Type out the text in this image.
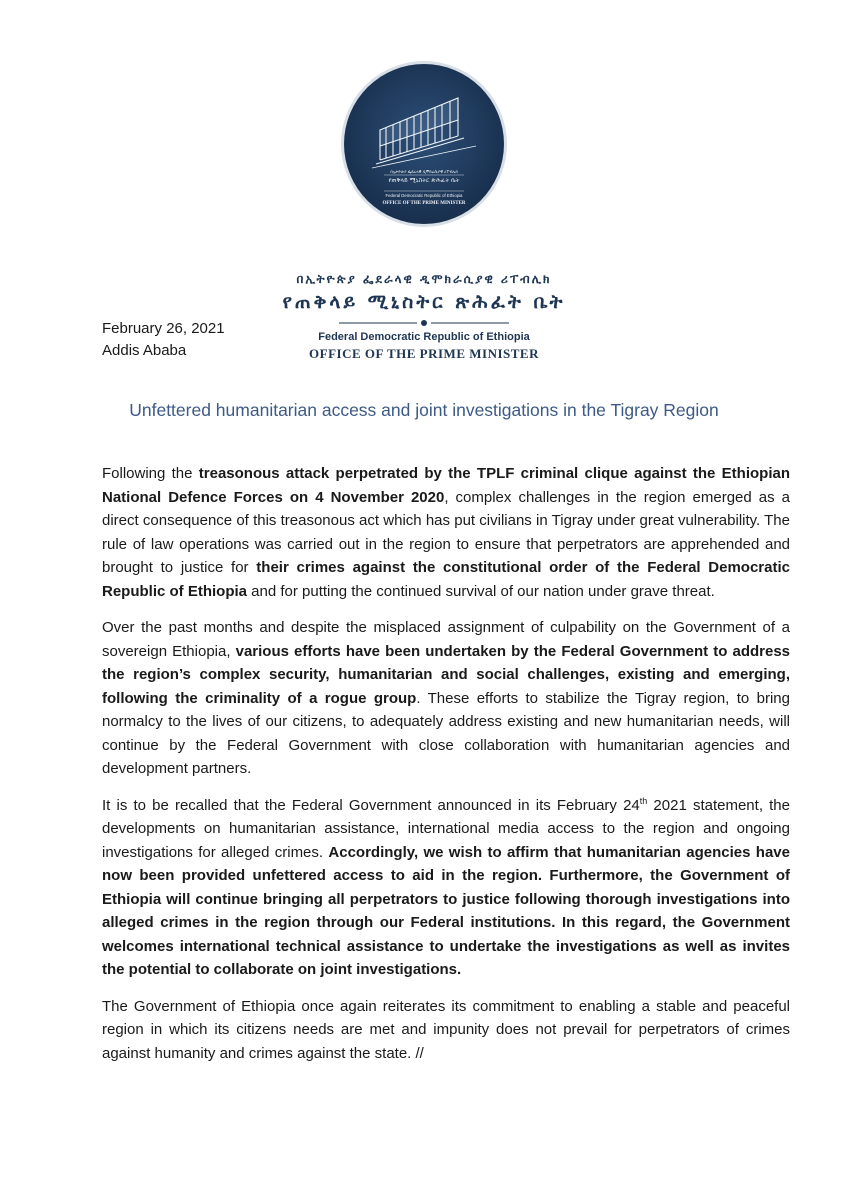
በኢትዮጵያ ፌደራላዊ ዲሞክራሲያዊ ሪፐብሊክ
የጠቅላይ ሚኒስትር ጽሕፈት ቤት
Federal Democratic Republic of Ethiopia
OFFICE OF THE PRIME MINISTER
በኢትዮጵያ ፌደራላዊ ዲሞክራሲያዊ ሪፐብሊክ
የጠቅላይ ሚኒስትር ጽሕፈት ቤት
Federal Democratic Republic of Ethiopia
OFFICE OF THE PRIME MINISTER
February 26, 2021
Addis Ababa
Unfettered humanitarian access and joint investigations in the Tigray Region

Following the treasonous attack perpetrated by the TPLF criminal clique against the Ethiopian National Defence Forces on 4 November 2020, complex challenges in the region emerged as a direct consequence of this treasonous act which has put civilians in Tigray under great vulnerability. The rule of law operations was carried out in the region to ensure that perpetrators are apprehended and brought to justice for their crimes against the constitutional order of the Federal Democratic Republic of Ethiopia and for putting the continued survival of our nation under grave threat.

Over the past months and despite the misplaced assignment of culpability on the Government of a sovereign Ethiopia, various efforts have been undertaken by the Federal Government to address the region’s complex security, humanitarian and social challenges, existing and emerging, following the criminality of a rogue group. These efforts to stabilize the Tigray region, to bring normalcy to the lives of our citizens, to adequately address existing and new humanitarian needs, will continue by the Federal Government with close collaboration with humanitarian agencies and development partners.

It is to be recalled that the Federal Government announced in its February 24th 2021 statement, the developments on humanitarian assistance, international media access to the region and ongoing investigations for alleged crimes. Accordingly, we wish to affirm that humanitarian agencies have now been provided unfettered access to aid in the region. Furthermore, the Government of Ethiopia will continue bringing all perpetrators to justice following thorough investigations into alleged crimes in the region through our Federal institutions. In this regard, the Government welcomes international technical assistance to undertake the investigations as well as invites the potential to collaborate on joint investigations.

The Government of Ethiopia once again reiterates its commitment to enabling a stable and peaceful region in which its citizens needs are met and impunity does not prevail for perpetrators of crimes against humanity and crimes against the state. //
